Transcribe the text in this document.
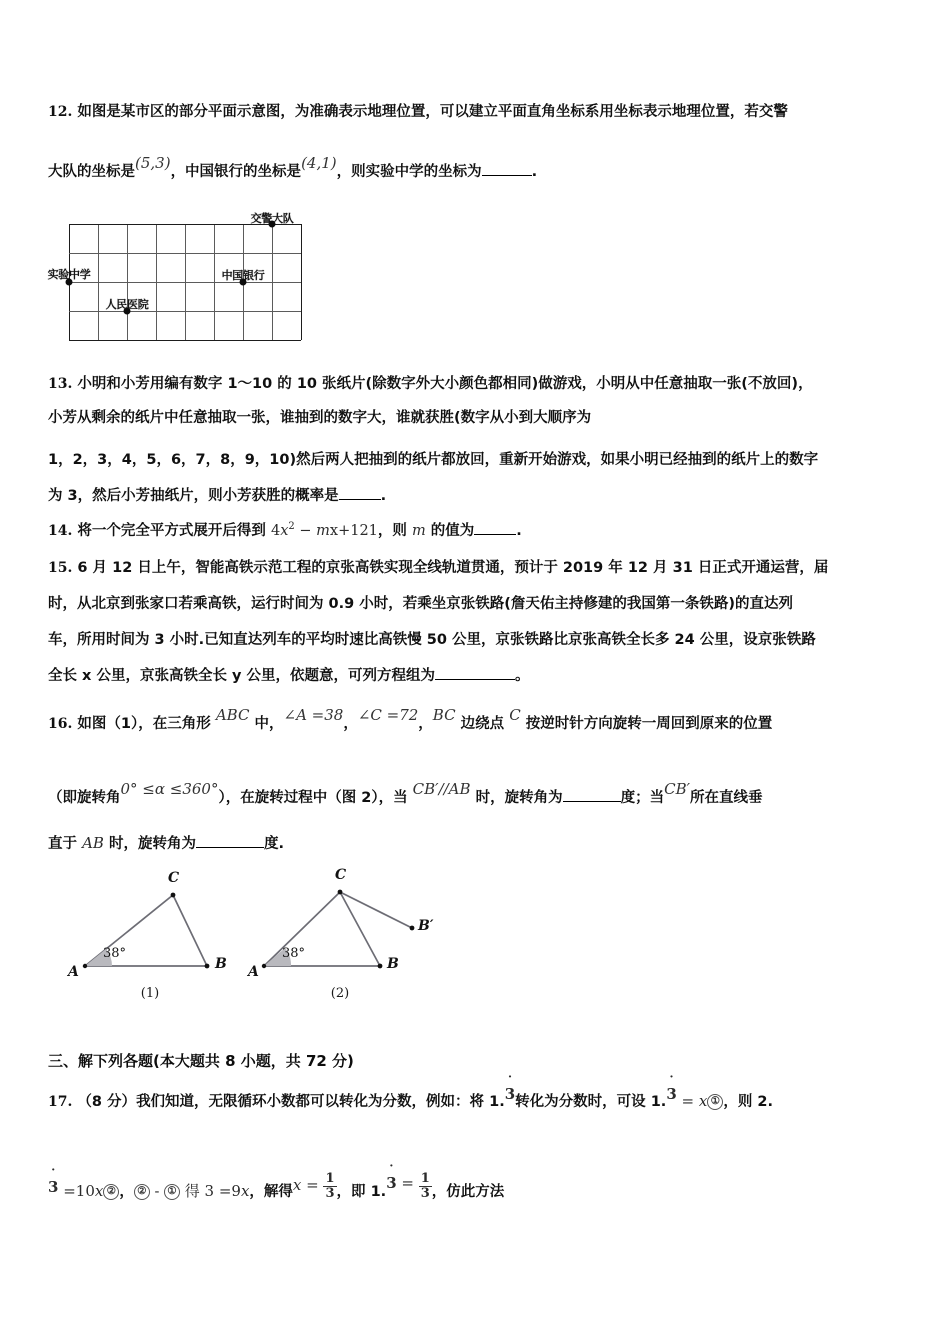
12. 如图是某市区的部分平面示意图，为准确表示地理位置，可以建立平面直角坐标系用坐标表示地理位置，若交警
大队的坐标是(5,3)，中国银行的坐标是(4,1)，则实验中学的坐标为	.
交警大队
实验中学	中国银行
人民医院
13. 小明和小芳用编有数字 1～10 的 10 张纸片(除数字外大小颜色都相同)做游戏，小明从中任意抽取一张(不放回)，
小芳从剩余的纸片中任意抽取一张，谁抽到的数字大，谁就获胜(数字从小到大顺序为
1，2，3，4，5，6，7，8，9，10)然后两人把抽到的纸片都放回，重新开始游戏，如果小明已经抽到的纸片上的数字
为 3，然后小芳抽纸片，则小芳获胜的概率是	.
14. 将一个完全平方式展开后得到 $4x^2 - mx+121$，则 m 的值为	.
15. 6 月 12 日上午，智能高铁示范工程的京张高铁实现全线轨道贯通，预计于 2019 年 12 月 31 日正式开通运营，届
时，从北京到张家口若乘高铁，运行时间为 0.9 小时，若乘坐京张铁路(詹天佑主持修建的我国第一条铁路)的直达列
车，所用时间为 3 小时.已知直达列车的平均时速比高铁慢 50 公里，京张铁路比京张高铁全长多 24 公里，设京张铁路
全长 x 公里，京张高铁全长 y 公里，依题意，可列方程组为	。
16. 如图（1），在三角形 ABC 中，∠A =38，∠C =72，BC 边绕点 C 按逆时针方向旋转一周回到原来的位置
（即旋转角0° ≤α ≤360°），在旋转过程中（图 2），当 CB′//AB 时，旋转角为	度；当CB′所在直线垂
直于 AB 时，旋转角为	度.
C
B
A
38°
(1)
C
B
A
B′
38°
(2)
三、解下列各题(本大题共 8 小题，共 72 分)
17. （8 分）我们知道，无限循环小数都可以转化为分数，例如：将 1.˙ 3转化为分数时，可设 1.˙ 3 = x ① ，则 2.
˙ 3 =10x ② ， ② - ① 得 3 =9x，解得$x = \frac{1}{3}$ ，即 1.˙ $3 = \frac{1}{3}$ ，仿此方法
